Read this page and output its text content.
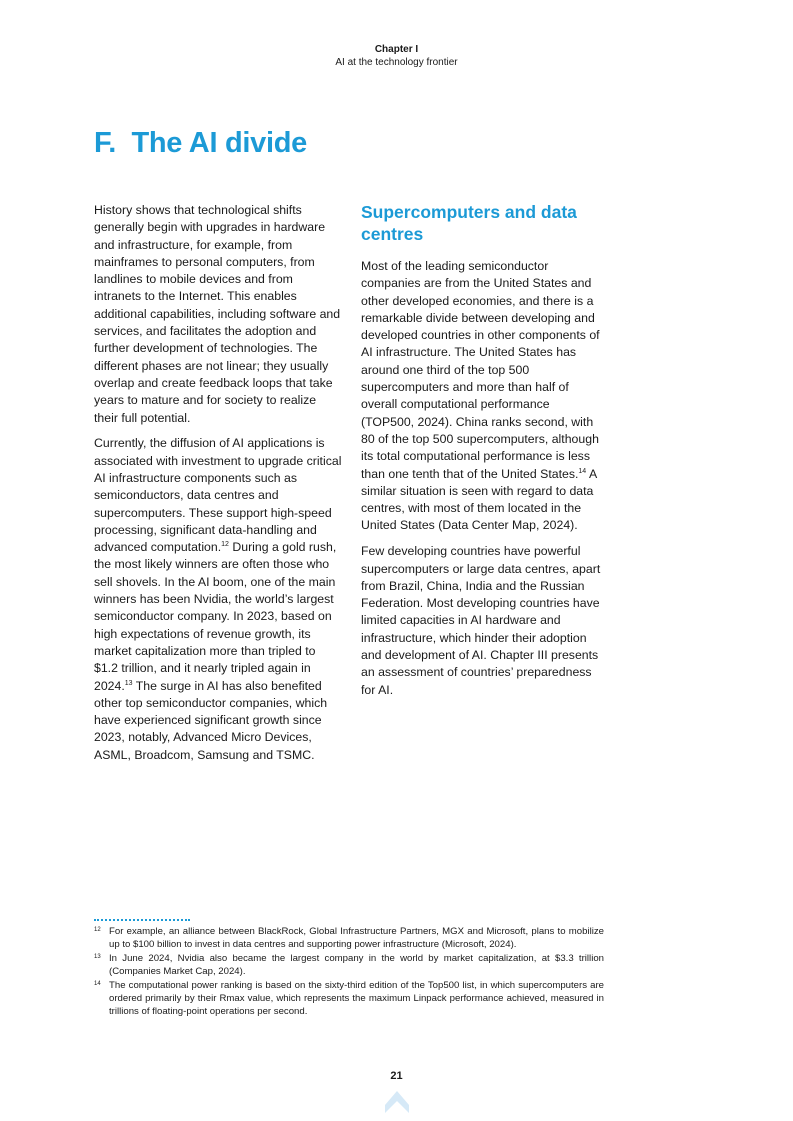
Chapter I
AI at the technology frontier
F.  The AI divide

History shows that technological shifts generally begin with upgrades in hardware and infrastructure, for example, from mainframes to personal computers, from landlines to mobile devices and from intranets to the Internet. This enables additional capabilities, including software and services, and facilitates the adoption and further development of technologies. The different phases are not linear; they usually overlap and create feedback loops that take years to mature and for society to realize their full potential.

Currently, the diffusion of AI applications is associated with investment to upgrade critical AI infrastructure components such as semiconductors, data centres and supercomputers. These support high-speed processing, significant data-handling and advanced computation.$^{12}$ During a gold rush, the most likely winners are often those who sell shovels. In the AI boom, one of the main winners has been Nvidia, the world’s largest semiconductor company. In 2023, based on high expectations of revenue growth, its market capitalization more than tripled to $1.2 trillion, and it nearly tripled again in 2024.13 The surge in AI has also benefited other top semiconductor companies, which have experienced significant growth since 2023, notably, Advanced Micro Devices, ASML, Broadcom, Samsung and TSMC.

Supercomputers and data centres

Most of the leading semiconductor companies are from the United States and other developed economies, and there is a remarkable divide between developing and developed countries in other components of AI infrastructure. The United States has around one third of the top 500 supercomputers and more than half of overall computational performance (TOP500, 2024). China ranks second, with 80 of the top 500 supercomputers, although its total computational performance is less than one tenth that of the United States.$^{14}$ A similar situation is seen with regard to data centres, with most of them located in the United States (Data Center Map, 2024).

Few developing countries have powerful supercomputers or large data centres, apart from Brazil, China, India and the Russian Federation. Most developing countries have limited capacities in AI hardware and infrastructure, which hinder their adoption and development of AI. Chapter III presents an assessment of countries’ preparedness for AI.

12 For example, an alliance between BlackRock, Global Infrastructure Partners, MGX and Microsoft, plans to mobilize up to $100 billion to invest in data centres and supporting power infrastructure (Microsoft, 2024).
13 In June 2024, Nvidia also became the largest company in the world by market capitalization, at $3.3 trillion (Companies Market Cap, 2024).
14 The computational power ranking is based on the sixty-third edition of the Top500 list, in which supercomputers are ordered primarily by their Rmax value, which represents the maximum Linpack performance achieved, measured in trillions of floating-point operations per second.
21
